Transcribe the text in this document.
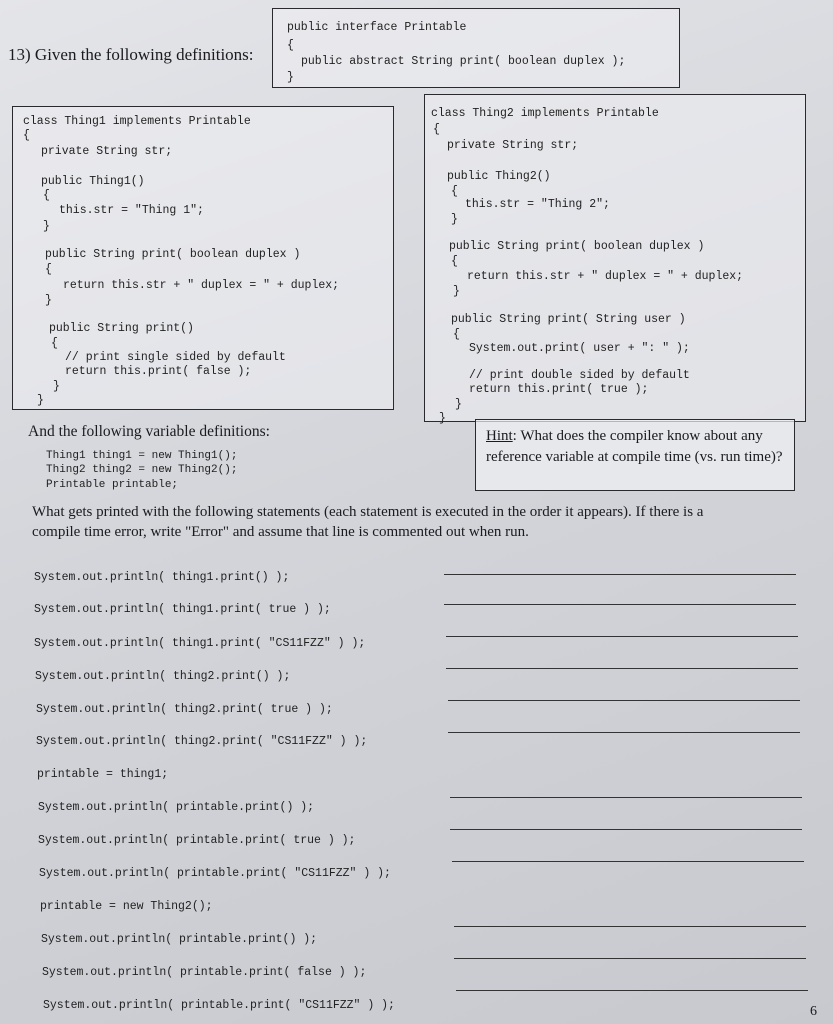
13) Given the following definitions:
public interface Printable
{
public abstract String print( boolean duplex );
}
class Thing1 implements Printable
{
private String str;
public Thing1()
{
this.str = "Thing 1";
}
public String print( boolean duplex )
{
return this.str + " duplex = " + duplex;
}
public String print()
{
// print single sided by default
return this.print( false );
}
}
class Thing2 implements Printable
{
private String str;
public Thing2()
{
this.str = "Thing 2";
}
public String print( boolean duplex )
{
return this.str + " duplex = " + duplex;
}
public String print( String user )
{
System.out.print( user + ": " );
// print double sided by default
return this.print( true );
}
}
And the following variable definitions:
Thing1 thing1 = new Thing1();
Thing2 thing2 = new Thing2();
Printable printable;
Hint: What does the compiler know about any reference variable at compile time (vs. run time)?
What gets printed with the following statements (each statement is executed in the order it appears). If there is a
compile time error, write "Error" and assume that line is commented out when run.
System.out.println( thing1.print() );
System.out.println( thing1.print( true ) );
System.out.println( thing1.print( "CS11FZZ" ) );
System.out.println( thing2.print() );
System.out.println( thing2.print( true ) );
System.out.println( thing2.print( "CS11FZZ" ) );
printable = thing1;
System.out.println( printable.print() );
System.out.println( printable.print( true ) );
System.out.println( printable.print( "CS11FZZ" ) );
printable = new Thing2();
System.out.println( printable.print() );
System.out.println( printable.print( false ) );
System.out.println( printable.print( "CS11FZZ" ) );	6
